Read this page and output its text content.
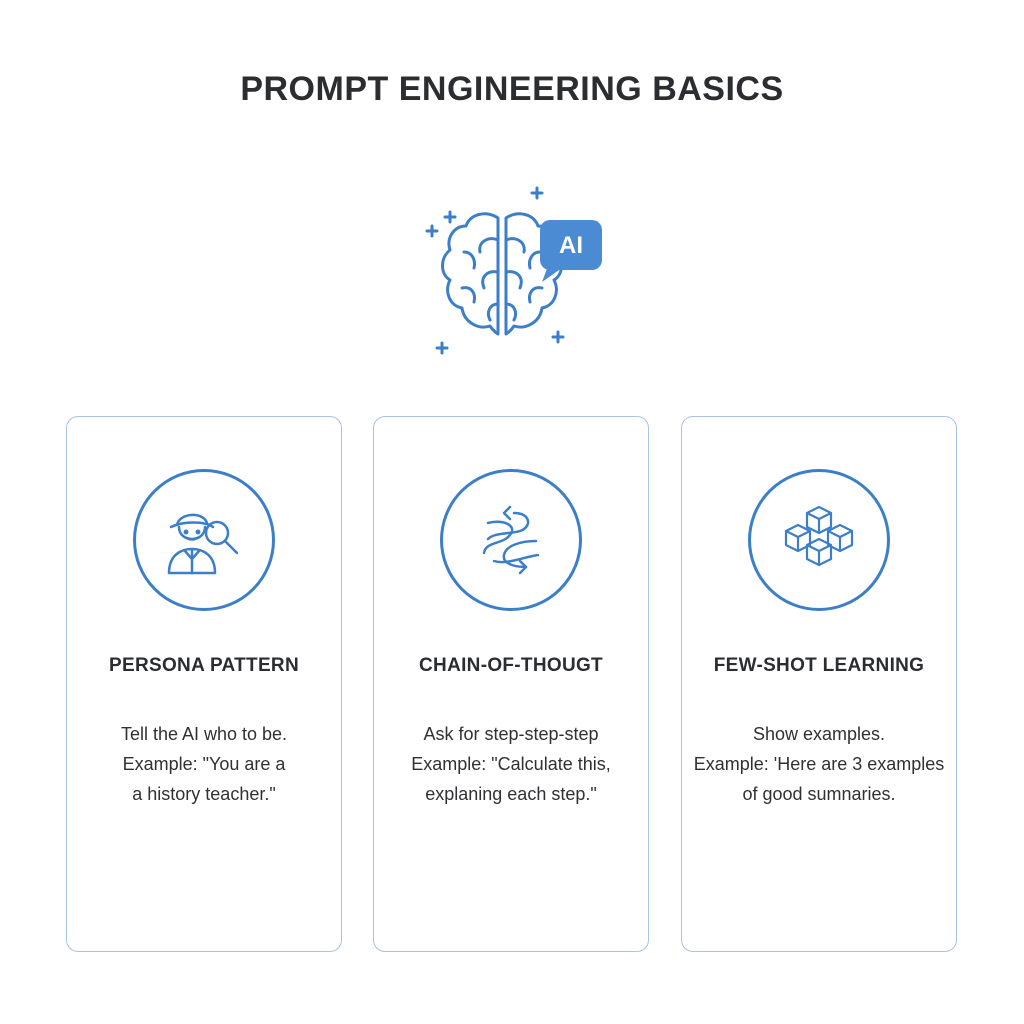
PROMPT ENGINEERING BASICS
AI
PERSONA PATTERN
Tell the AI who to be.
Example: "You are a
a history teacher."
CHAIN-OF-THOUGT
Ask for step-step-step
Example: "Calculate this,
explaning each step."
FEW-SHOT LEARNING
Show examples.
Example: 'Here are 3 examples
of good sumnaries.
